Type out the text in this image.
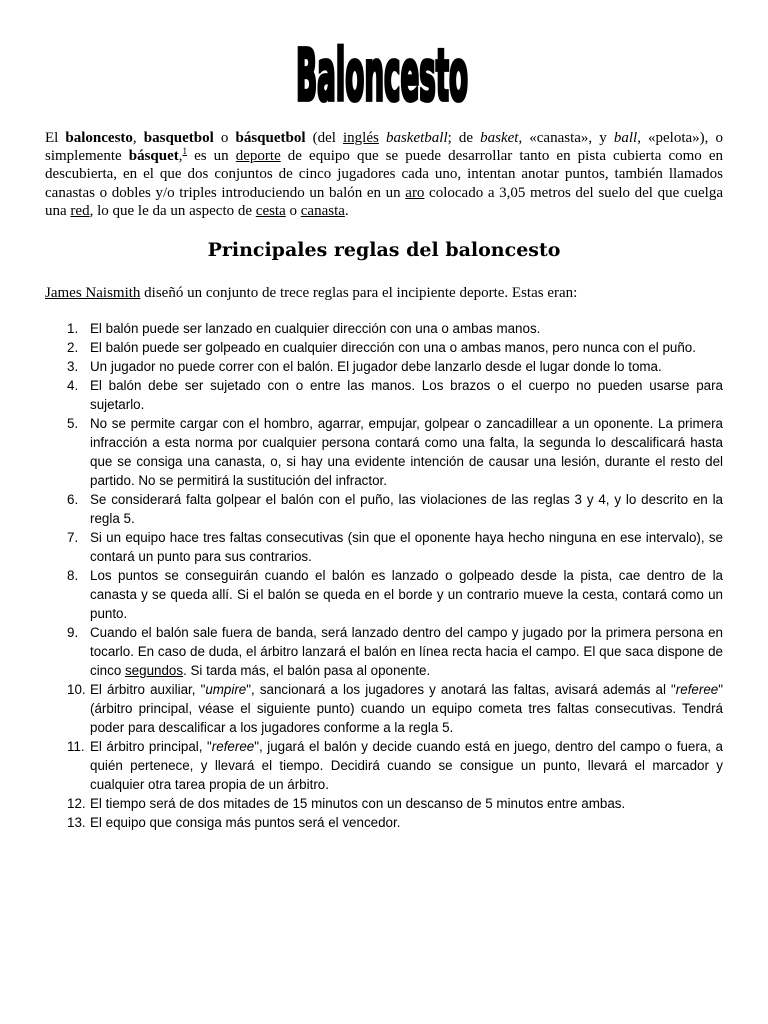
Baloncesto

El baloncesto, basquetbol o básquetbol (del inglés basketball; de basket, «canasta», y ball, «pelota»), o simplemente básquet,$^1$ es un deporte de equipo que se puede desarrollar tanto en pista cubierta como en descubierta, en el que dos conjuntos de cinco jugadores cada uno, intentan anotar puntos, también llamados canastas o dobles y/o triples introduciendo un balón en un aro colocado a 3,05 metros del suelo del que cuelga una red, lo que le da un aspecto de cesta o canasta.

Principales reglas del baloncesto

James Naismith diseñó un conjunto de trece reglas para el incipiente deporte. Estas eran:

1. El balón puede ser lanzado en cualquier dirección con una o ambas manos.
2. El balón puede ser golpeado en cualquier dirección con una o ambas manos, pero nunca con el puño.
3. Un jugador no puede correr con el balón. El jugador debe lanzarlo desde el lugar donde lo toma.
4. El balón debe ser sujetado con o entre las manos. Los brazos o el cuerpo no pueden usarse para sujetarlo.
5. No se permite cargar con el hombro, agarrar, empujar, golpear o zancadillear a un oponente. La primera infracción a esta norma por cualquier persona contará como una falta, la segunda lo descalificará hasta que se consiga una canasta, o, si hay una evidente intención de causar una lesión, durante el resto del partido. No se permitirá la sustitución del infractor.
6. Se considerará falta golpear el balón con el puño, las violaciones de las reglas 3 y 4, y lo descrito en la regla 5.
7. Si un equipo hace tres faltas consecutivas (sin que el oponente haya hecho ninguna en ese intervalo), se contará un punto para sus contrarios.
8. Los puntos se conseguirán cuando el balón es lanzado o golpeado desde la pista, cae dentro de la canasta y se queda allí. Si el balón se queda en el borde y un contrario mueve la cesta, contará como un punto.
9. Cuando el balón sale fuera de banda, será lanzado dentro del campo y jugado por la primera persona en tocarlo. En caso de duda, el árbitro lanzará el balón en línea recta hacia el campo. El que saca dispone de cinco segundos. Si tarda más, el balón pasa al oponente.
10. El árbitro auxiliar, "umpire", sancionará a los jugadores y anotará las faltas, avisará además al "referee" (árbitro principal, véase el siguiente punto) cuando un equipo cometa tres faltas consecutivas. Tendrá poder para descalificar a los jugadores conforme a la regla 5.
11. El árbitro principal, "referee", jugará el balón y decide cuando está en juego, dentro del campo o fuera, a quién pertenece, y llevará el tiempo. Decidirá cuando se consigue un punto, llevará el marcador y cualquier otra tarea propia de un árbitro.
12. El tiempo será de dos mitades de 15 minutos con un descanso de 5 minutos entre ambas.
13. El equipo que consiga más puntos será el vencedor.
